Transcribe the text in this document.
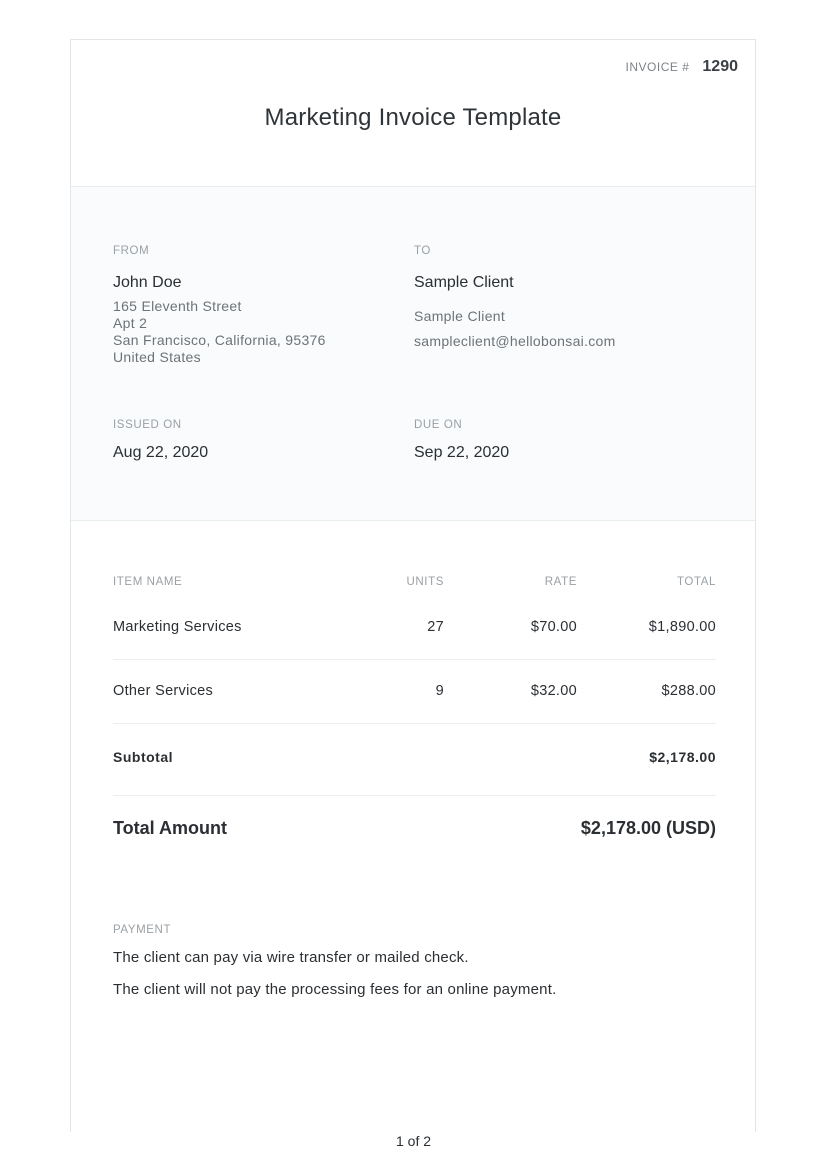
INVOICE # 1290
Marketing Invoice Template
FROM
John Doe
165 Eleventh Street
Apt 2
San Francisco, California, 95376
United States
TO
Sample Client
Sample Client
sampleclient@hellobonsai.com
ISSUED ON
Aug 22, 2020
DUE ON
Sep 22, 2020
ITEM NAME	UNITS	RATE	TOTAL
Marketing Services	27	$70.00	$1,890.00
Other Services	9	$32.00	$288.00
Subtotal	$2,178.00
Total Amount	$2,178.00 (USD)
PAYMENT
The client can pay via wire transfer or mailed check.
The client will not pay the processing fees for an online payment.
1 of 2
